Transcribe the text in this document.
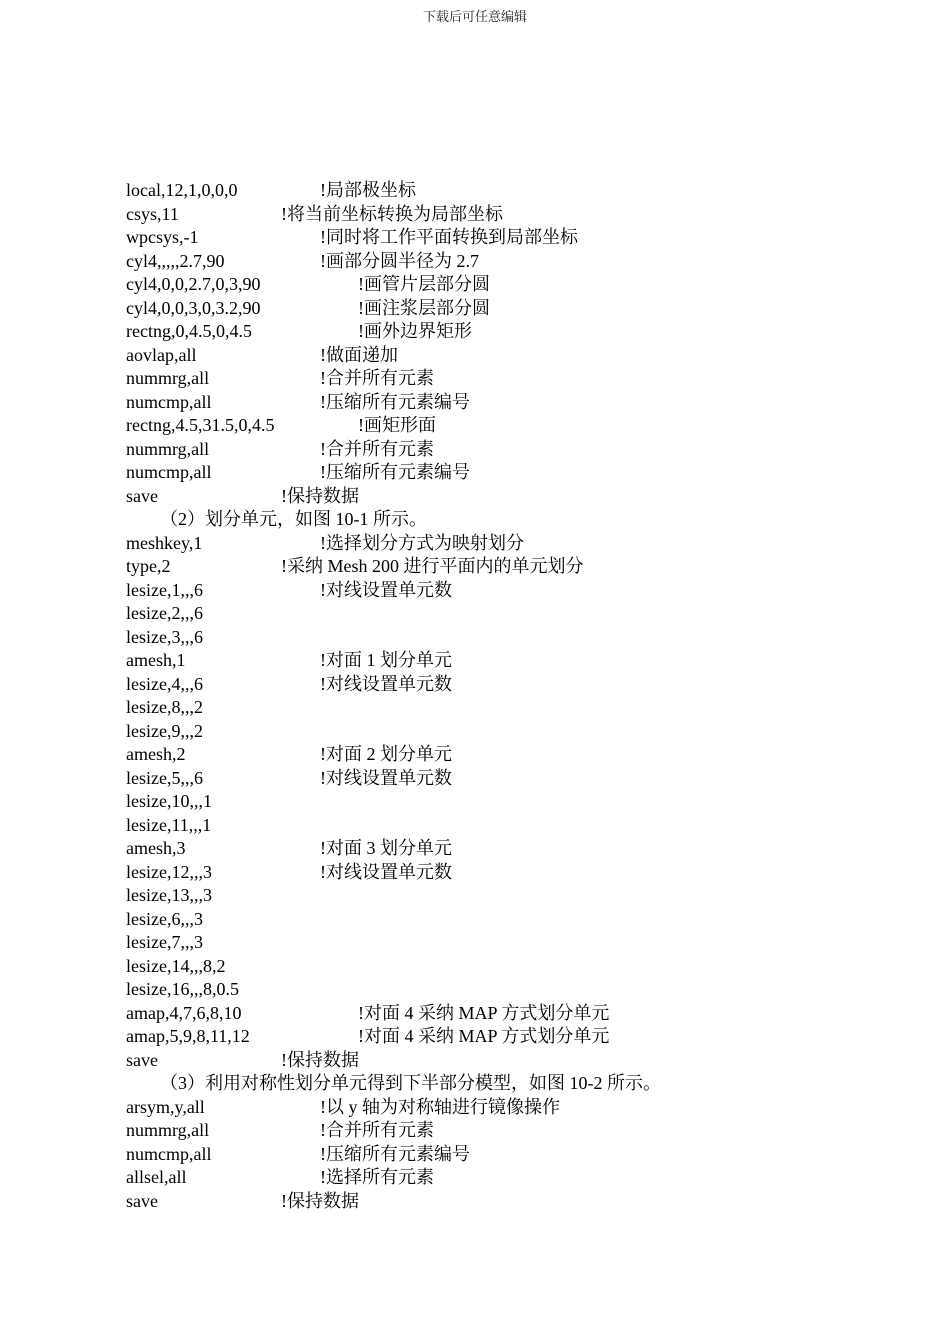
下载后可任意编辑
local,12,1,0,0,0	!局部极坐标
csys,11	!将当前坐标转换为局部坐标
wpcsys,-1	!同时将工作平面转换到局部坐标
cyl4,,,,,2.7,90	!画部分圆半径为 2.7
cyl4,0,0,2.7,0,3,90	!画管片层部分圆
cyl4,0,0,3,0,3.2,90	!画注浆层部分圆
rectng,0,4.5,0,4.5	!画外边界矩形
aovlap,all	!做面递加
nummrg,all	!合并所有元素
numcmp,all	!压缩所有元素编号
rectng,4.5,31.5,0,4.5	!画矩形面
nummrg,all	!合并所有元素
numcmp,all	!压缩所有元素编号
save	!保持数据
（2）划分单元，如图 10-1 所示。
meshkey,1	!选择划分方式为映射划分
type,2	!采纳 Mesh 200 进行平面内的单元划分
lesize,1,,,6	!对线设置单元数
lesize,2,,,6
lesize,3,,,6
amesh,1	!对面 1 划分单元
lesize,4,,,6	!对线设置单元数
lesize,8,,,2
lesize,9,,,2
amesh,2	!对面 2 划分单元
lesize,5,,,6	!对线设置单元数
lesize,10,,,1
lesize,11,,,1
amesh,3	!对面 3 划分单元
lesize,12,,,3	!对线设置单元数
lesize,13,,,3
lesize,6,,,3
lesize,7,,,3
lesize,14,,,8,2
lesize,16,,,8,0.5
amap,4,7,6,8,10	!对面 4 采纳 MAP 方式划分单元
amap,5,9,8,11,12	!对面 4 采纳 MAP 方式划分单元
save	!保持数据
（3）利用对称性划分单元得到下半部分模型，如图 10-2 所示。
arsym,y,all	!以 y 轴为对称轴进行镜像操作
nummrg,all	!合并所有元素
numcmp,all	!压缩所有元素编号
allsel,all	!选择所有元素
save	!保持数据
